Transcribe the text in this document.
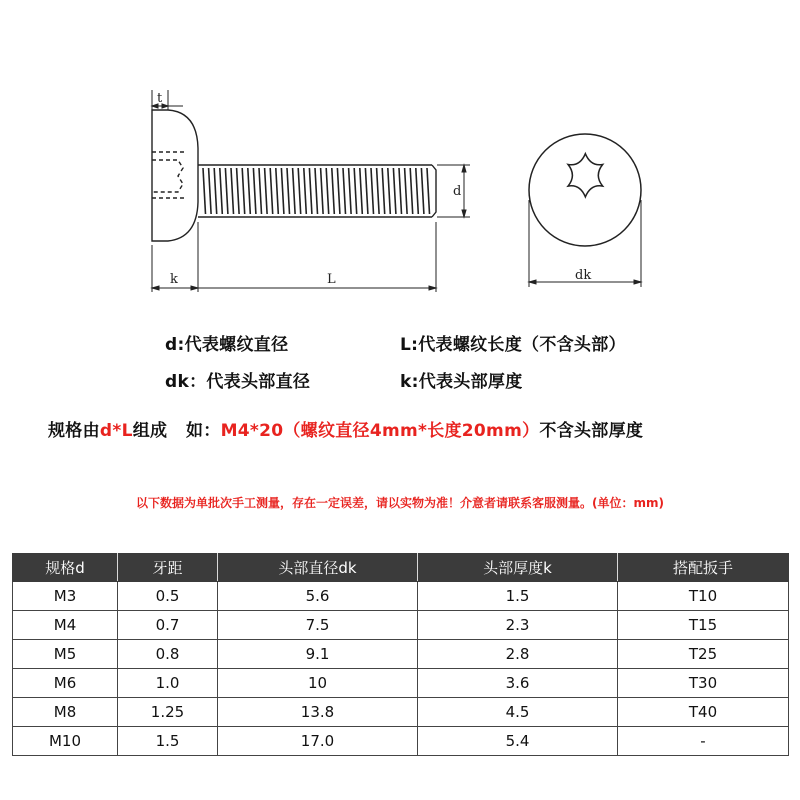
t
d
k	L	dk
d:代表螺纹直径	L:代表螺纹长度（不含头部）
dk：代表头部直径	k:代表头部厚度
规格由d*L组成   如：M4*20（螺纹直径4mm*长度20mm）不含头部厚度
以下数据为单批次手工测量，存在一定误差，请以实物为准！介意者请联系客服测量。(单位：mm)
规格d	牙距	头部直径dk	头部厚度k	搭配扳手
M3	0.5	5.6	1.5	T10
M4	0.7	7.5	2.3	T15
M5	0.8	9.1	2.8	T25
M6	1.0	10	3.6	T30
M8	1.25	13.8	4.5	T40
M10	1.5	17.0	5.4	-
